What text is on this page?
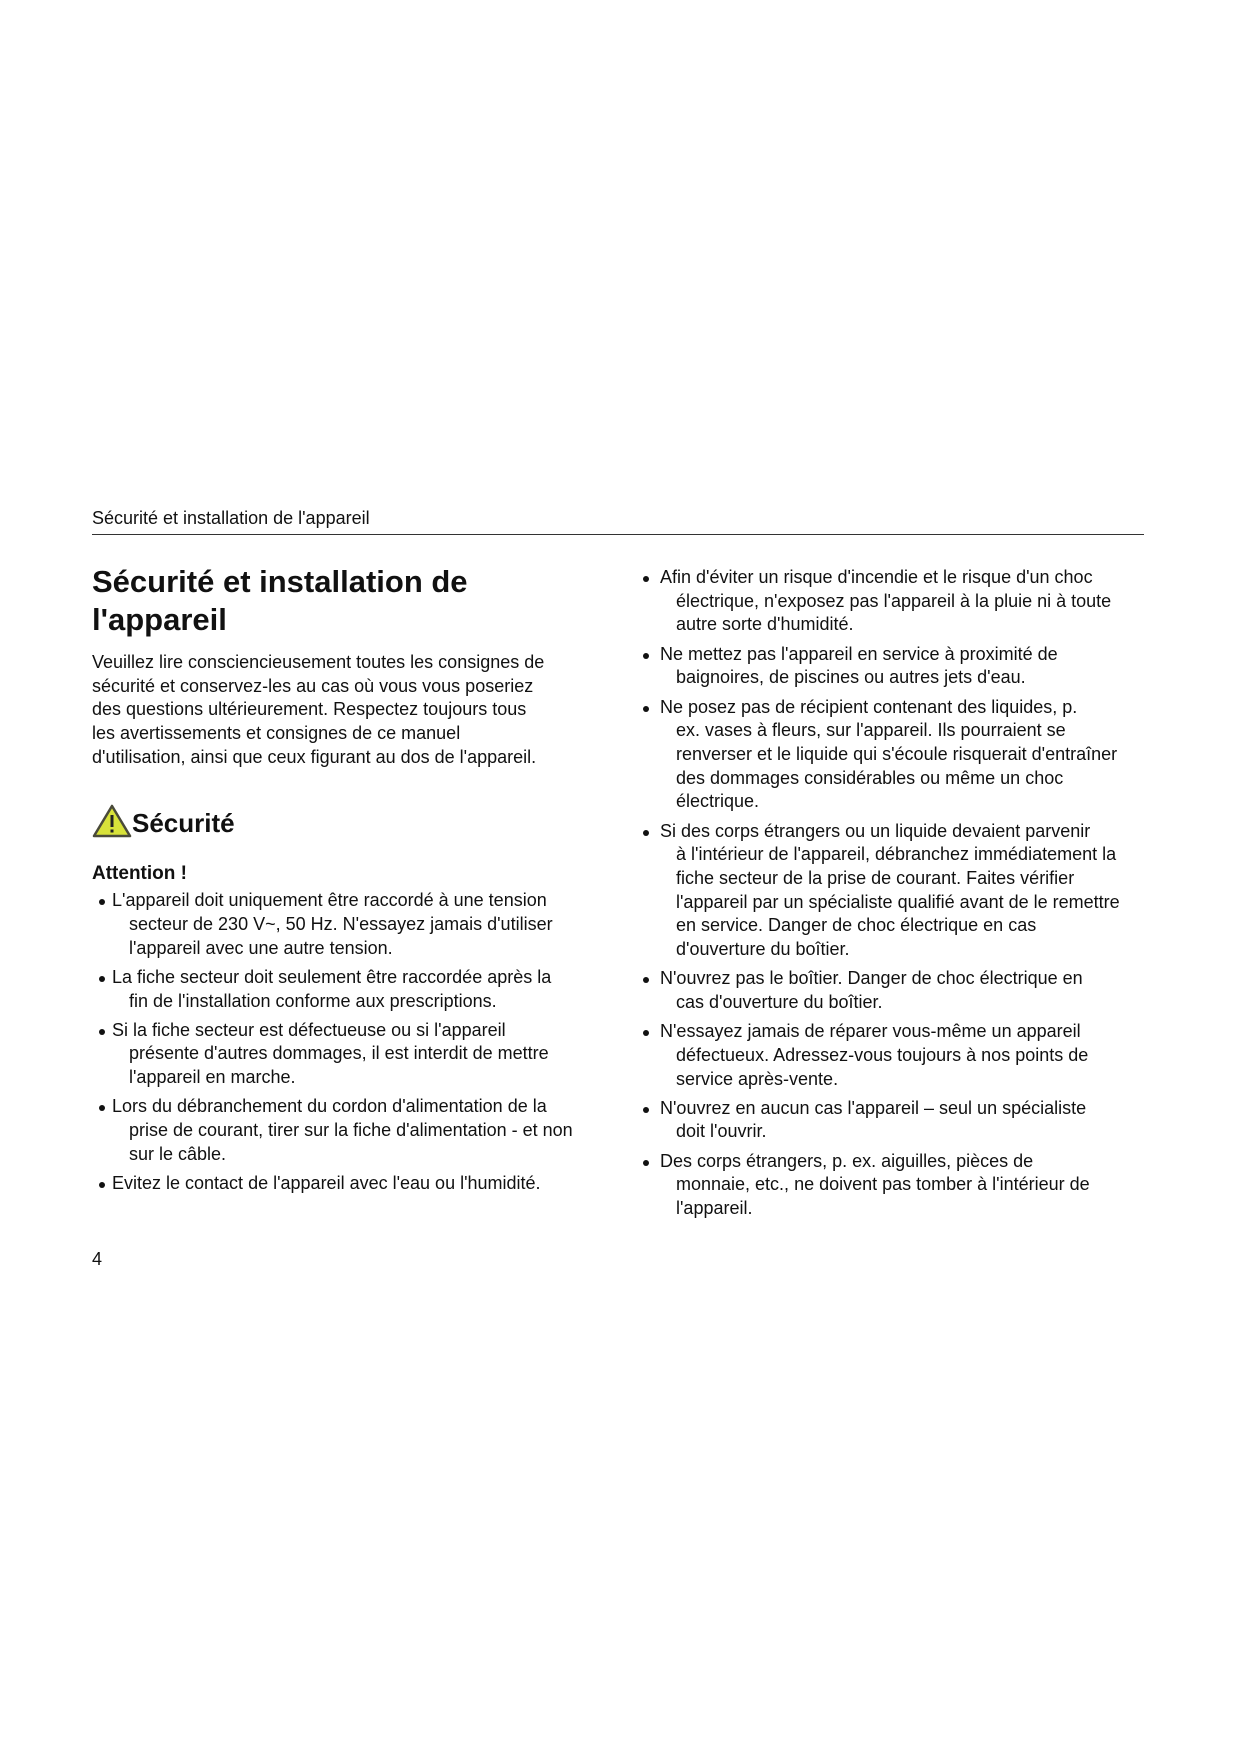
Sécurité et installation de l'appareil
Sécurité et installation de
l'appareil

Veuillez lire consciencieusement toutes les consignes de
sécurité et conservez-les au cas où vous vous poseriez
des questions ultérieurement. Respectez toujours tous
les avertissements et consignes de ce manuel
d'utilisation, ainsi que ceux figurant au dos de l'appareil.

Sécurité
Attention !
L'appareil doit uniquement être raccordé à une tension
secteur de 230 V~, 50 Hz. N'essayez jamais d'utiliser
l'appareil avec une autre tension.
La fiche secteur doit seulement être raccordée après la
fin de l'installation conforme aux prescriptions.
Si la fiche secteur est défectueuse ou si l'appareil
présente d'autres dommages, il est interdit de mettre
l'appareil en marche.
Lors du débranchement du cordon d'alimentation de la
prise de courant, tirer sur la fiche d'alimentation - et non
sur le câble.
Evitez le contact de l'appareil avec l'eau ou l'humidité.
Afin d'éviter un risque d'incendie et le risque d'un choc
électrique, n'exposez pas l'appareil à la pluie ni à toute
autre sorte d'humidité.
Ne mettez pas l'appareil en service à proximité de
baignoires, de piscines ou autres jets d'eau.
Ne posez pas de récipient contenant des liquides, p.
ex. vases à fleurs, sur l'appareil. Ils pourraient se
renverser et le liquide qui s'écoule risquerait d'entraîner
des dommages considérables ou même un choc
électrique.
Si des corps étrangers ou un liquide devaient parvenir
à l'intérieur de l'appareil, débranchez immédiatement la
fiche secteur de la prise de courant. Faites vérifier
l'appareil par un spécialiste qualifié avant de le remettre
en service. Danger de choc électrique en cas
d'ouverture du boîtier.
N'ouvrez pas le boîtier. Danger de choc électrique en
cas d'ouverture du boîtier.
N'essayez jamais de réparer vous-même un appareil
défectueux. Adressez-vous toujours à nos points de
service après-vente.
N'ouvrez en aucun cas l'appareil – seul un spécialiste
doit l'ouvrir.
Des corps étrangers, p. ex. aiguilles, pièces de
monnaie, etc., ne doivent pas tomber à l'intérieur de
l'appareil.
4
